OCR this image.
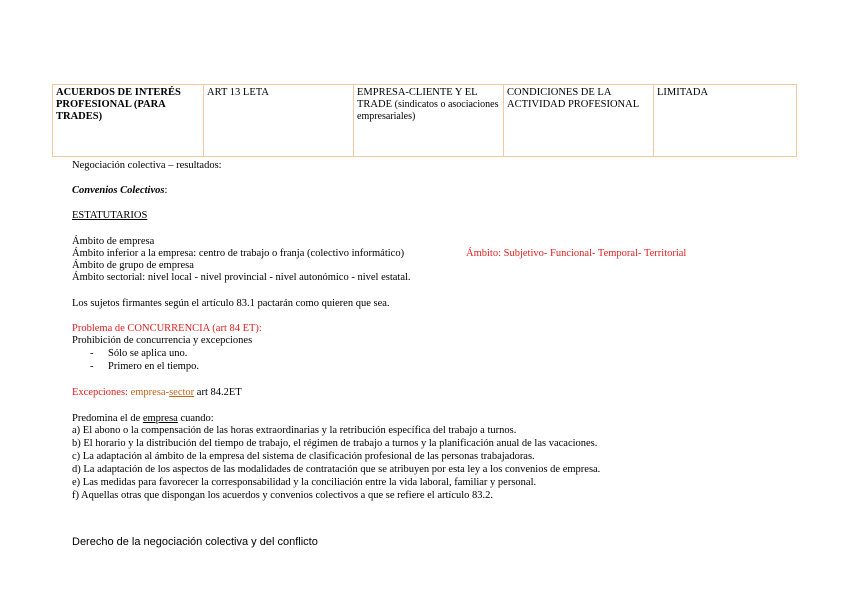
ACUERDOS DE INTERÉS PROFESIONAL (PARA TRADES)	ART 13 LETA	EMPRESA-CLIENTE Y EL TRADE (sindicatos o asociaciones empresariales)	CONDICIONES DE LA ACTIVIDAD PROFESIONAL	LIMITADA
Negociación colectiva – resultados:
Convenios Colectivos:
ESTATUTARIOS
Ámbito de empresa
Ámbito inferior a la empresa: centro de trabajo o franja (colectivo informático)	Ámbito: Subjetivo- Funcional- Temporal- Territorial
Ámbito de grupo de empresa
Ámbito sectorial: nivel local - nivel provincial - nivel autonómico - nivel estatal.
Los sujetos firmantes según el artículo 83.1 pactarán como quieren que sea.
Problema de CONCURRENCIA (art 84 ET):
Prohibición de concurrencia y excepciones
- Sólo se aplica uno.
- Primero en el tiempo.
Excepciones: empresa-sector art 84.2ET
Predomina el de empresa cuando:
a) El abono o la compensación de las horas extraordinarias y la retribución específica del trabajo a turnos.
b) El horario y la distribución del tiempo de trabajo, el régimen de trabajo a turnos y la planificación anual de las vacaciones.
c) La adaptación al ámbito de la empresa del sistema de clasificación profesional de las personas trabajadoras.
d) La adaptación de los aspectos de las modalidades de contratación que se atribuyen por esta ley a los convenios de empresa.
e) Las medidas para favorecer la corresponsabilidad y la conciliación entre la vida laboral, familiar y personal.
f) Aquellas otras que dispongan los acuerdos y convenios colectivos a que se refiere el artículo 83.2.
Derecho de la negociación colectiva y del conflicto
